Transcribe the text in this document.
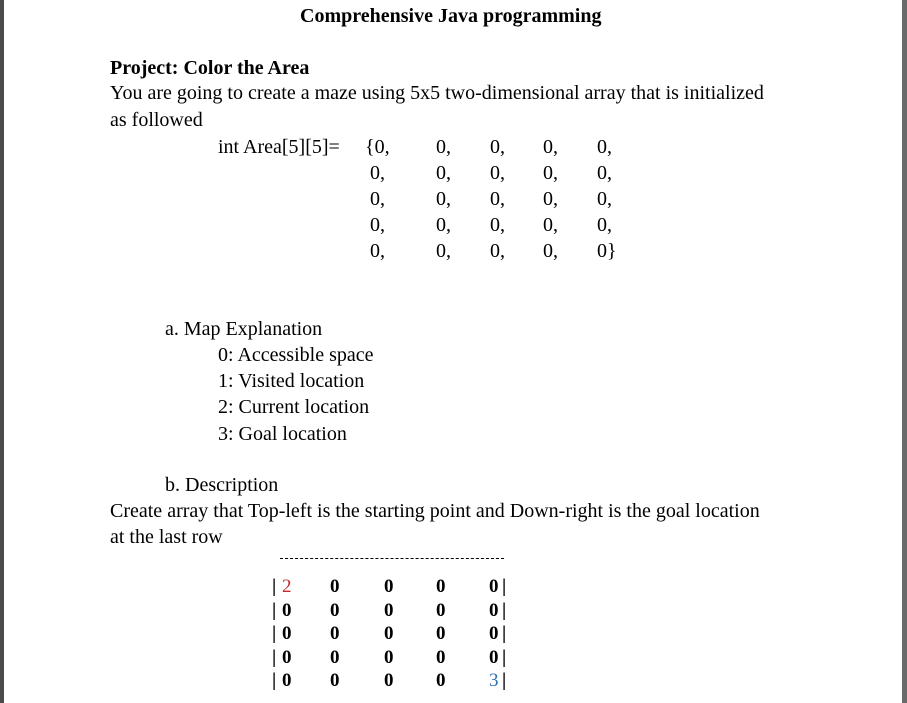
Comprehensive Java programming
Project: Color the Area
You are going to create a maze using 5x5 two-dimensional array that is initialized
as followed
int Area[5][5]= {0, 0, 0, 0, 0,
0,	0, 0, 0, 0,
0,	0, 0, 0, 0,
0,	0, 0, 0, 0,
0,	0, 0, 0, 0}
a. Map Explanation
0: Accessible space
1: Visited location
2: Current location
3: Goal location
b. Description
Create array that Top-left is the starting point and Down-right is the goal location
at the last row
| 2 0 0 0 0 |
| 0 0 0 0 0 |
| 0 0 0 0 0 |
| 0 0 0 0 0 |
| 0 0 0 0 3 |
